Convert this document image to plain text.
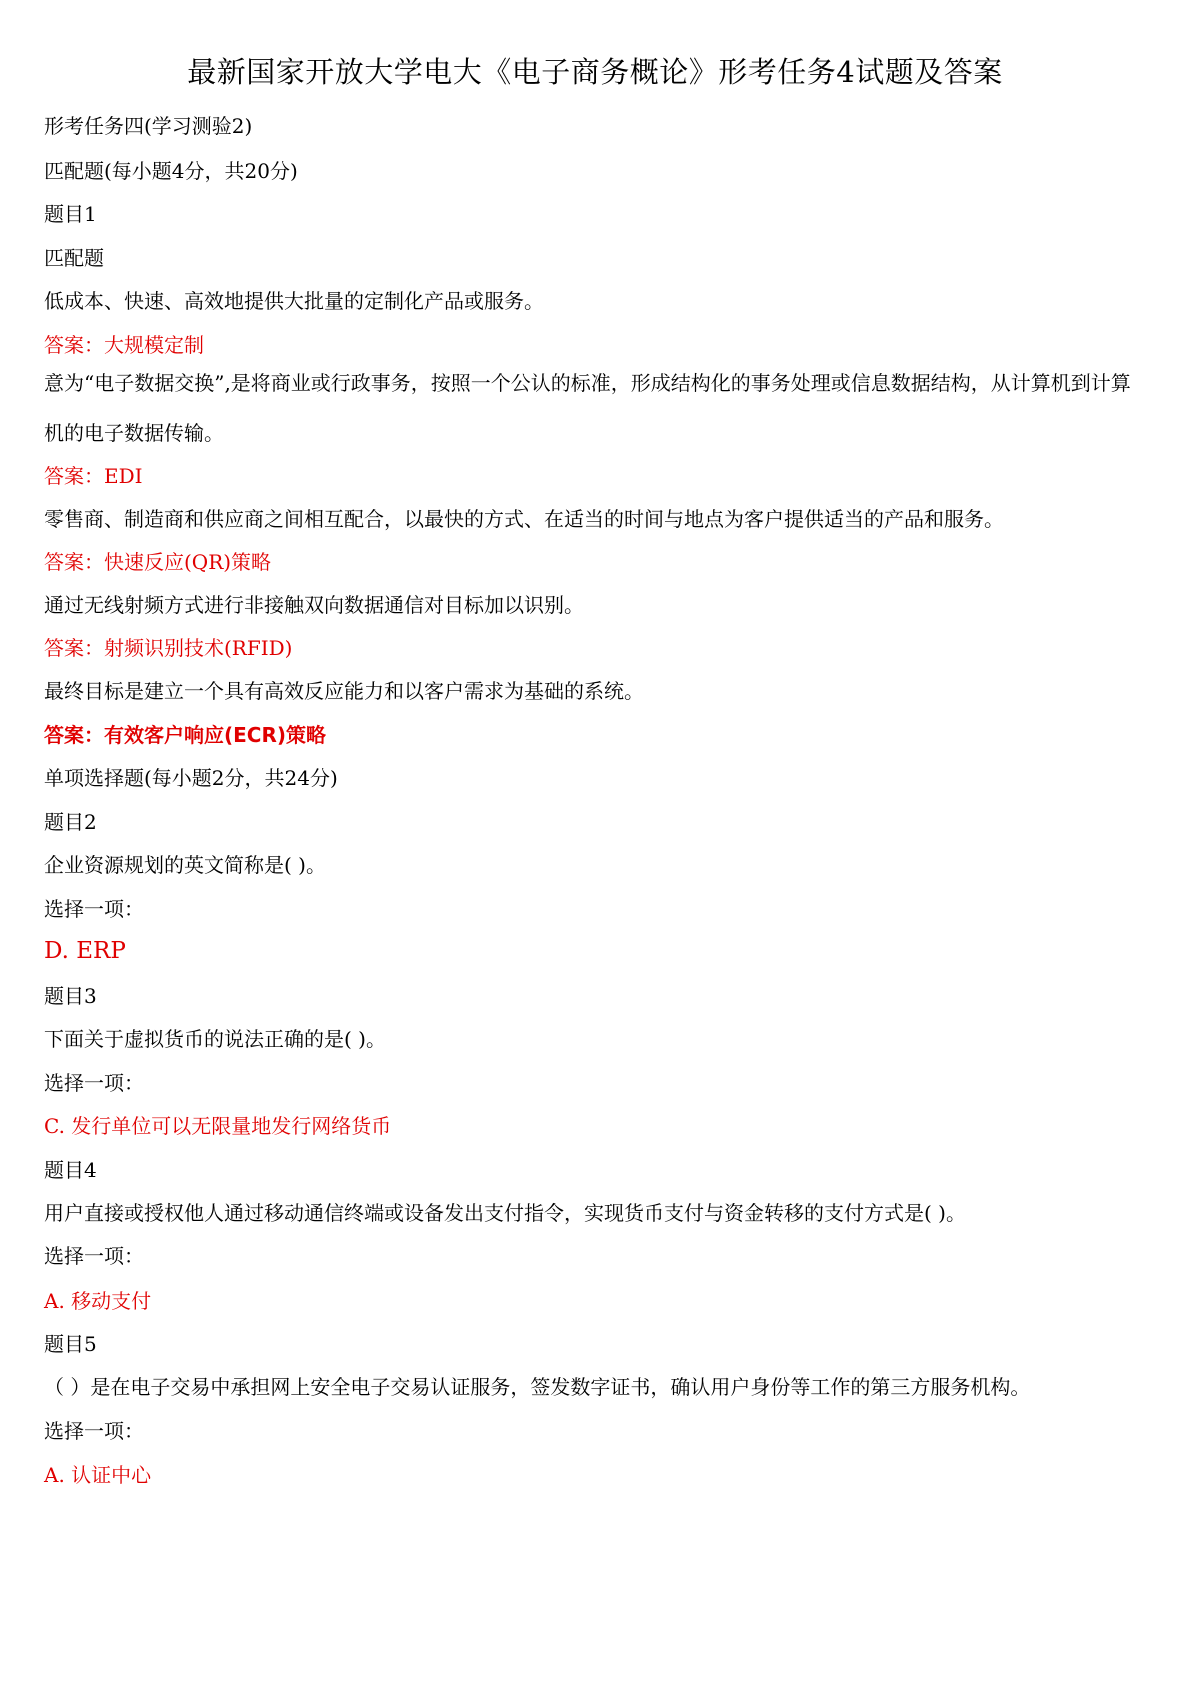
最新国家开放大学电大《电子商务概论》形考任务4试题及答案
形考任务四(学习测验2)
匹配题(每小题4分，共20分)
题目1
匹配题
低成本、快速、高效地提供大批量的定制化产品或服务。
答案：大规模定制
意为“电子数据交换”,是将商业或行政事务，按照一个公认的标准，形成结构化的事务处理或信息数据结构，从计算机到计算机的电子数据传输。
答案：EDI
零售商、制造商和供应商之间相互配合，以最快的方式、在适当的时间与地点为客户提供适当的产品和服务。
答案：快速反应(QR)策略
通过无线射频方式进行非接触双向数据通信对目标加以识别。
答案：射频识别技术(RFID)
最终目标是建立一个具有高效反应能力和以客户需求为基础的系统。
答案：有效客户响应(ECR)策略
单项选择题(每小题2分，共24分)
题目2
企业资源规划的英文简称是( )。
选择一项：
D. ERP
题目3
下面关于虚拟货币的说法正确的是( )。
选择一项：
C. 发行单位可以无限量地发行网络货币
题目4
用户直接或授权他人通过移动通信终端或设备发出支付指令，实现货币支付与资金转移的支付方式是( )。
选择一项：
A. 移动支付
题目5
（ ）是在电子交易中承担网上安全电子交易认证服务，签发数字证书，确认用户身份等工作的第三方服务机构。
选择一项：
A. 认证中心
